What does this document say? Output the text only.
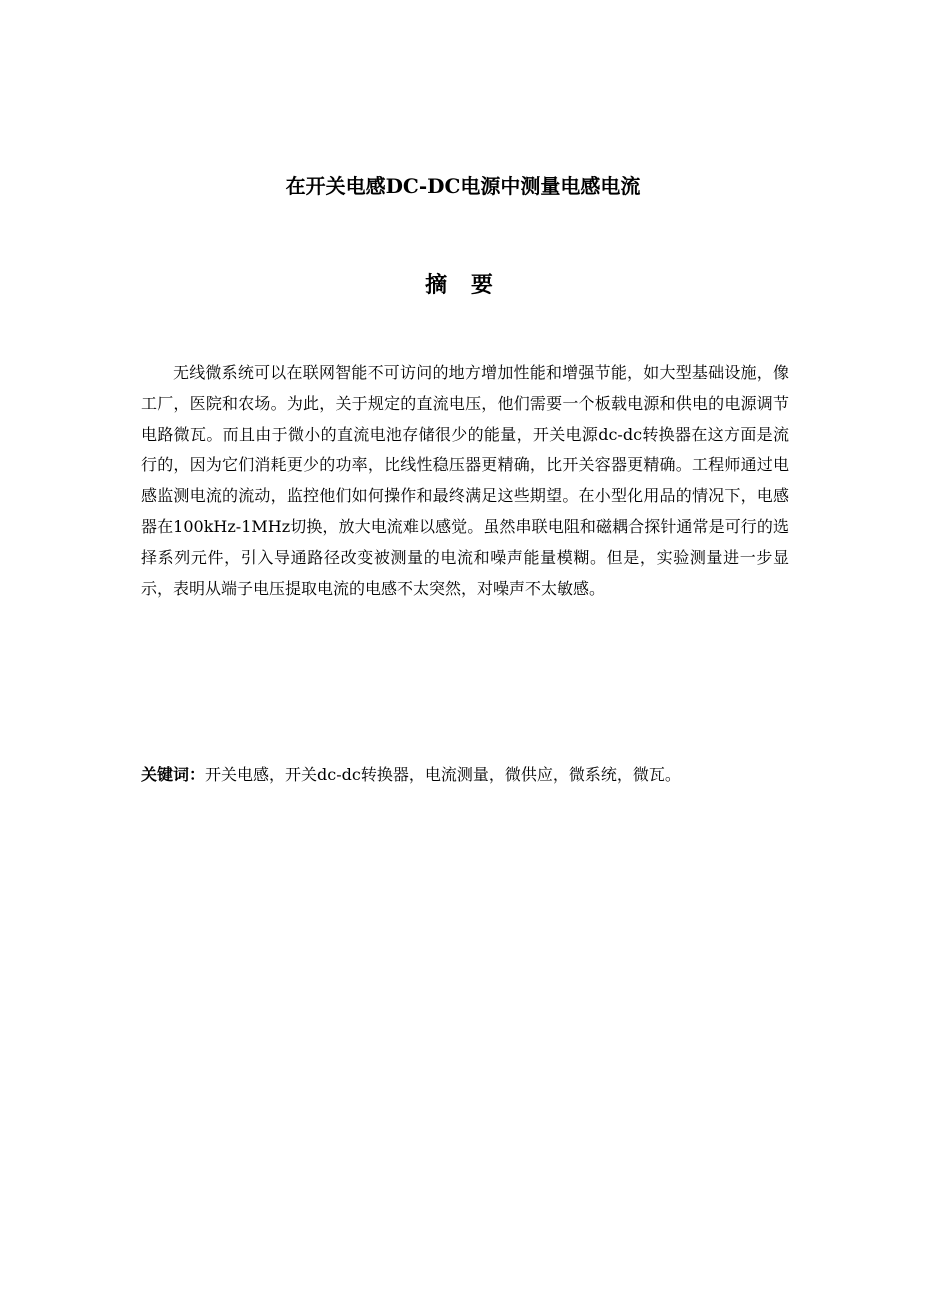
在开关电感DC-DC电源中测量电感电流
摘 要

无线微系统可以在联网智能不可访问的地方增加性能和增强节能，如大型基础设施，像工厂，医院和农场。为此，关于规定的直流电压，他们需要一个板载电源和供电的电源调节电路微瓦。而且由于微小的直流电池存储很少的能量，开关电源dc-dc转换器在这方面是流行的，因为它们消耗更少的功率，比线性稳压器更精确，比开关容器更精确。工程师通过电感监测电流的流动，监控他们如何操作和最终满足这些期望。在小型化用品的情况下，电感器在100kHz-1MHz切换，放大电流难以感觉。虽然串联电阻和磁耦合探针通常是可行的选择系列元件，引入导通路径改变被测量的电流和噪声能量模糊。但是，实验测量进一步显示，表明从端子电压提取电流的电感不太突然，对噪声不太敏感。

关键词：开关电感，开关dc-dc转换器，电流测量，微供应，微系统，微瓦。
